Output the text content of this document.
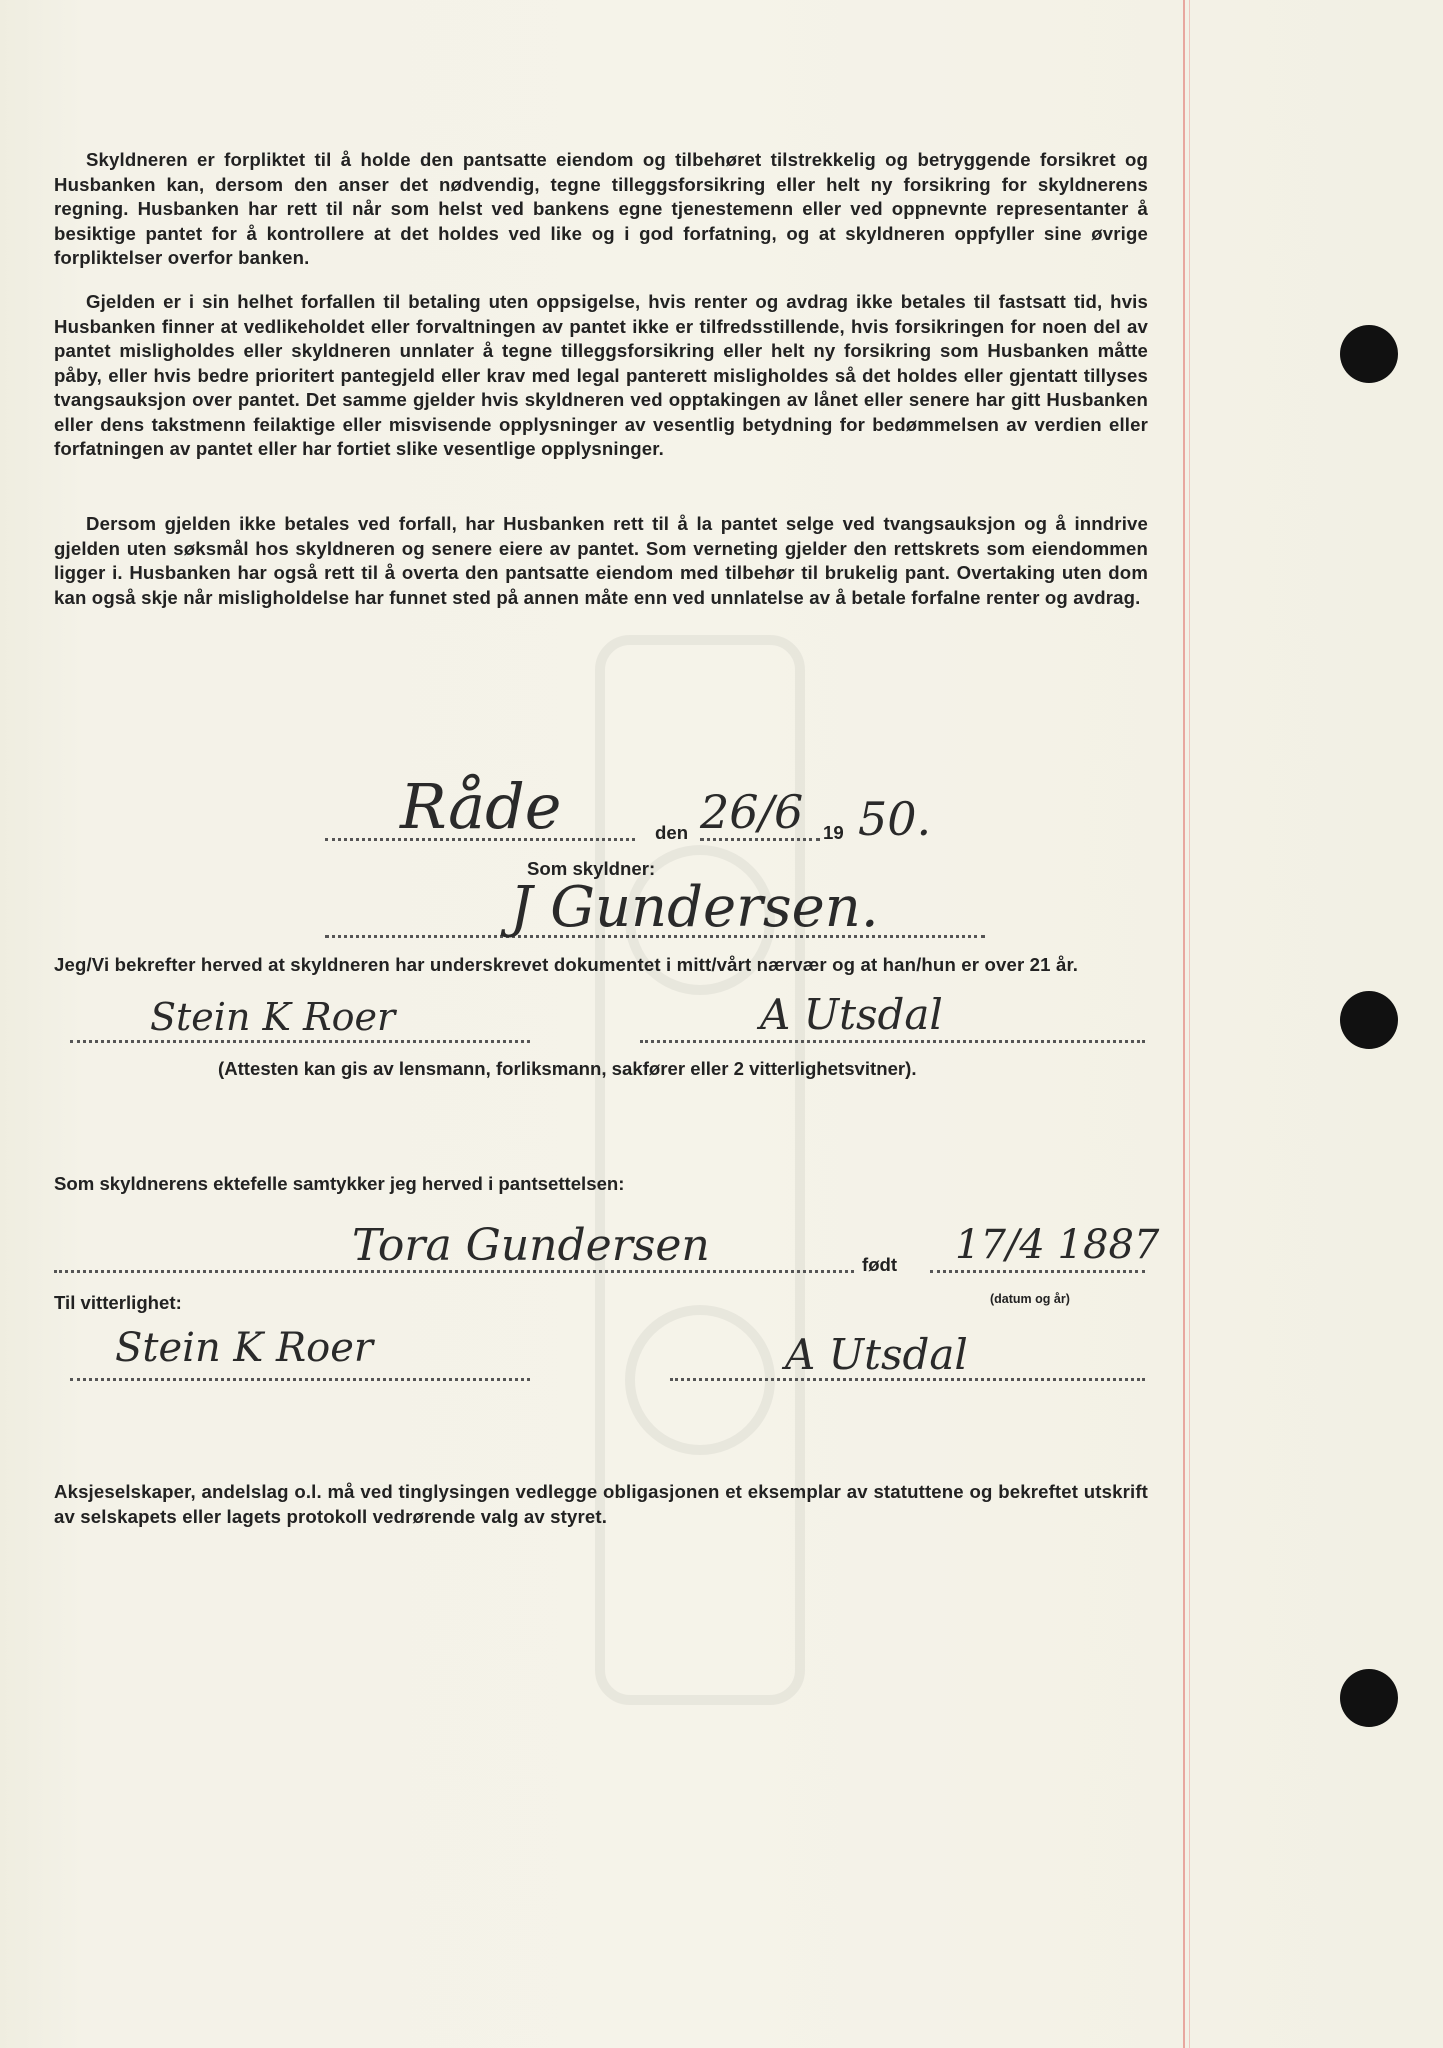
Skyldneren er forpliktet til å holde den pantsatte eiendom og tilbehøret tilstrekkelig og betryggende forsikret og Husbanken kan, dersom den anser det nødvendig, tegne tilleggsforsikring eller helt ny forsikring for skyldnerens regning. Husbanken har rett til når som helst ved bankens egne tjenestemenn eller ved oppnevnte representanter å besiktige pantet for å kontrollere at det holdes ved like og i god forfatning, og at skyldneren oppfyller sine øvrige forpliktelser overfor banken.

Gjelden er i sin helhet forfallen til betaling uten oppsigelse, hvis renter og avdrag ikke betales til fastsatt tid, hvis Husbanken finner at vedlikeholdet eller forvaltningen av pantet ikke er tilfredsstillende, hvis forsikringen for noen del av pantet misligholdes eller skyldneren unnlater å tegne tilleggsforsikring eller helt ny forsikring som Husbanken måtte påby, eller hvis bedre prioritert pantegjeld eller krav med legal panterett misligholdes så det holdes eller gjentatt tillyses tvangsauksjon over pantet. Det samme gjelder hvis skyldneren ved opptakingen av lånet eller senere har gitt Husbanken eller dens takstmenn feilaktige eller misvisende opplysninger av vesentlig betydning for bedømmelsen av verdien eller forfatningen av pantet eller har fortiet slike vesentlige opplysninger.

Dersom gjelden ikke betales ved forfall, har Husbanken rett til å la pantet selge ved tvangsauksjon og å inndrive gjelden uten søksmål hos skyldneren og senere eiere av pantet. Som verneting gjelder den rettskrets som eiendommen ligger i. Husbanken har også rett til å overta den pantsatte eiendom med tilbehør til brukelig pant. Overtaking uten dom kan også skje når misligholdelse har funnet sted på annen måte enn ved unnlatelse av å betale forfalne renter og avdrag.

Råde	den 26/6 19 50.
Som skyldner:
J Gundersen.

Jeg/Vi bekrefter herved at skyldneren har underskrevet dokumentet i mitt/vårt nærvær og at han/hun er over 21 år.

Stein K Roer	A Utsdal
(Attesten kan gis av lensmann, forliksmann, sakfører eller 2 vitterlighetsvitner).
Som skyldnerens ektefelle samtykker jeg herved i pantsettelsen:
Tora Gundersen	født 17/4 1887
(datum og år)
Til vitterlighet:
Stein K Roer	A Utsdal

Aksjeselskaper, andelslag o.l. må ved tinglysingen vedlegge obligasjonen et eksemplar av statuttene og bekreftet utskrift av selskapets eller lagets protokoll vedrørende valg av styret.
